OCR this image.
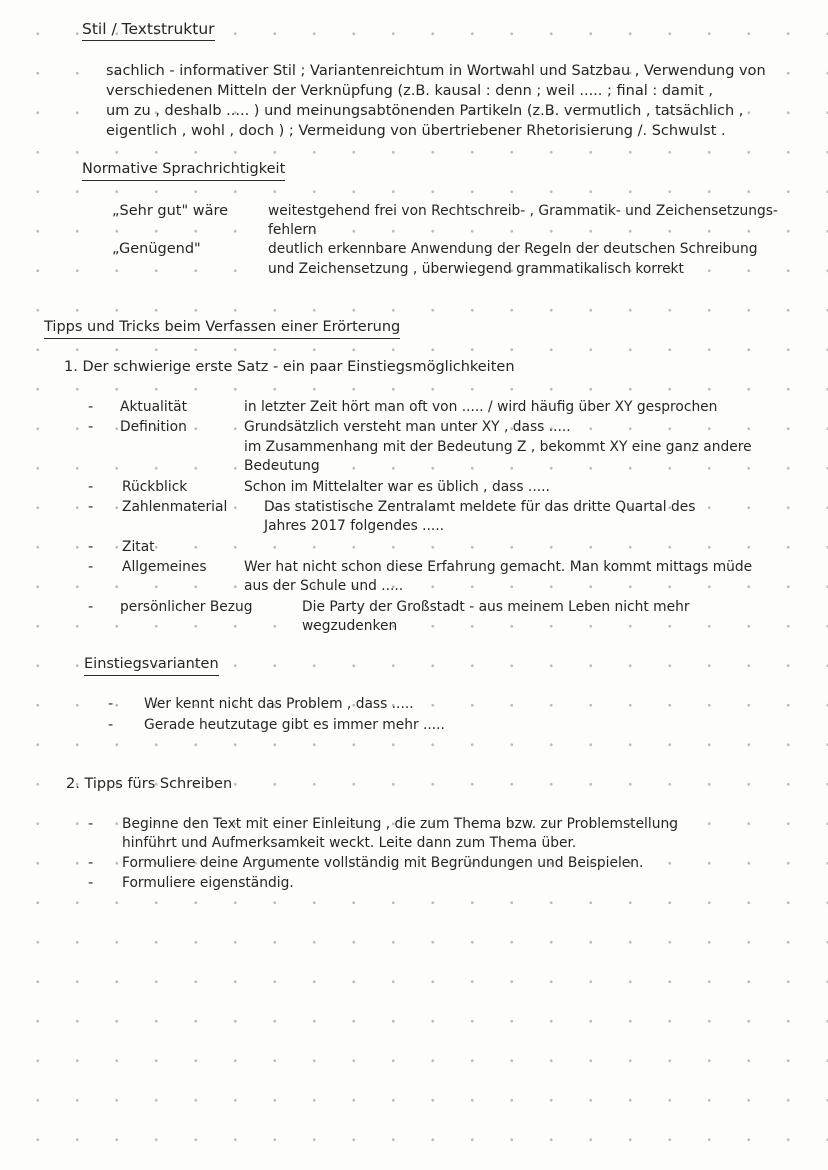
Stil / Textstruktur
sachlich - informativer Stil ; Variantenreichtum in Wortwahl und Satzbau , Verwendung von
verschiedenen Mitteln der Verknüpfung (z.B. kausal : denn ; weil ..... ; final : damit ,
um zu , deshalb ..... ) und meinungsabtönenden Partikeln (z.B. vermutlich , tatsächlich ,
eigentlich , wohl , doch ) ; Vermeidung von übertriebener Rhetorisierung /. Schwulst .
Normative Sprachrichtigkeit
„Sehr gut" wäre	weitestgehend frei von Rechtschreib- , Grammatik- und Zeichensetzungs-
fehlern
„Genügend"	deutlich erkennbare Anwendung der Regeln der deutschen Schreibung
und Zeichensetzung , überwiegend grammatikalisch korrekt
Tipps und Tricks beim Verfassen einer Erörterung
1. Der schwierige erste Satz - ein paar Einstiegsmöglichkeiten
- Aktualität	in letzter Zeit hört man oft von ..... / wird häufig über XY gesprochen
- Definition	Grundsätzlich versteht man unter XY , dass .....
im Zusammenhang mit der Bedeutung Z , bekommt XY eine ganz andere
Bedeutung
- Rückblick	Schon im Mittelalter war es üblich , dass .....
- Zahlenmaterial	Das statistische Zentralamt meldete für das dritte Quartal des
Jahres 2017 folgendes .....
- Zitat
- Allgemeines	Wer hat nicht schon diese Erfahrung gemacht. Man kommt mittags müde
aus der Schule und .....
- persönlicher Bezug	Die Party der Großstadt - aus meinem Leben nicht mehr
wegzudenken
Einstiegsvarianten
- Wer kennt nicht das Problem , dass .....
- Gerade heutzutage gibt es immer mehr .....
2. Tipps fürs Schreiben
- Beginne den Text mit einer Einleitung , die zum Thema bzw. zur Problemstellung
hinführt und Aufmerksamkeit weckt. Leite dann zum Thema über.
- Formuliere deine Argumente vollständig mit Begründungen und Beispielen.
- Formuliere eigenständig.
